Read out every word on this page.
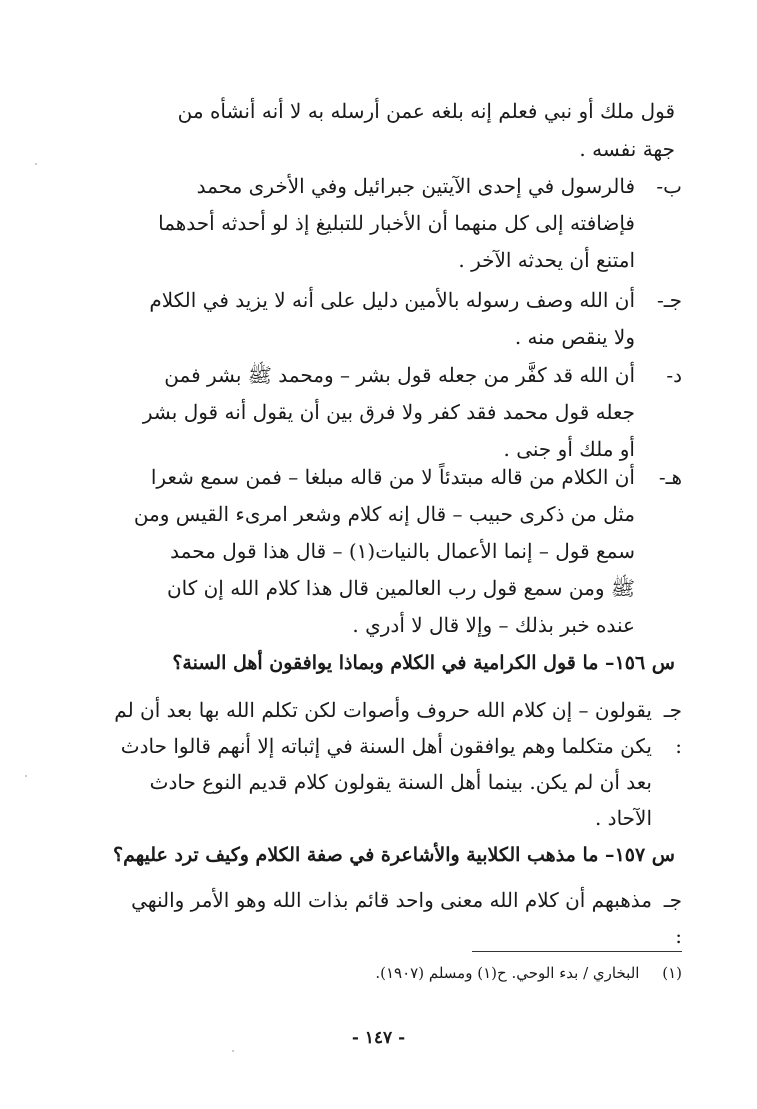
قول ملك أو نبي فعلم إنه بلغه عمن أرسله به لا أنه أنشأه من
جهة نفسه .
ب-
فالرسول في إحدى الآيتين جبرائيل وفي الأخرى محمد
فإضافته إلى كل منهما أن الأخبار للتبليغ إذ لو أحدثه أحدهما
امتنع أن يحدثه الآخر .
جـ-
أن الله وصف رسوله بالأمين دليل على أنه لا يزيد في الكلام
ولا ينقص منه .
د-
أن الله قد كفَّر من جعله قول بشر – ومحمد ﷺ بشر فمن
جعله قول محمد فقد كفر ولا فرق بين أن يقول أنه قول بشر
أو ملك أو جنى .
هـ-
أن الكلام من قاله مبتدئاً لا من قاله مبلغا – فمن سمع شعرا
مثل من ذكرى حبيب – قال إنه كلام وشعر امرىء القيس ومن
سمع قول – إنما الأعمال بالنيات(١) – قال هذا قول محمد
ﷺ ومن سمع قول رب العالمين قال هذا كلام الله إن كان
عنده خبر بذلك – وإلا قال لا أدري .
س ١٥٦– ما قول الكرامية في الكلام وبماذا يوافقون أهل السنة؟
جـ :
يقولون – إن كلام الله حروف وأصوات لكن تكلم الله بها بعد أن لم
يكن متكلما وهم يوافقون أهل السنة في إثباته إلا أنهم قالوا حادث
بعد أن لم يكن. بينما أهل السنة يقولون كلام قديم النوع حادث
الآحاد .
س ١٥٧– ما مذهب الكلابية والأشاعرة في صفة الكلام وكيف ترد عليهم؟
جـ :
مذهبهم أن كلام الله معنى واحد قائم بذات الله وهو الأمر والنهي
(١) البخاري / بدء الوحي. ح(١) ومسلم (١٩٠٧).
- ١٤٧ -
